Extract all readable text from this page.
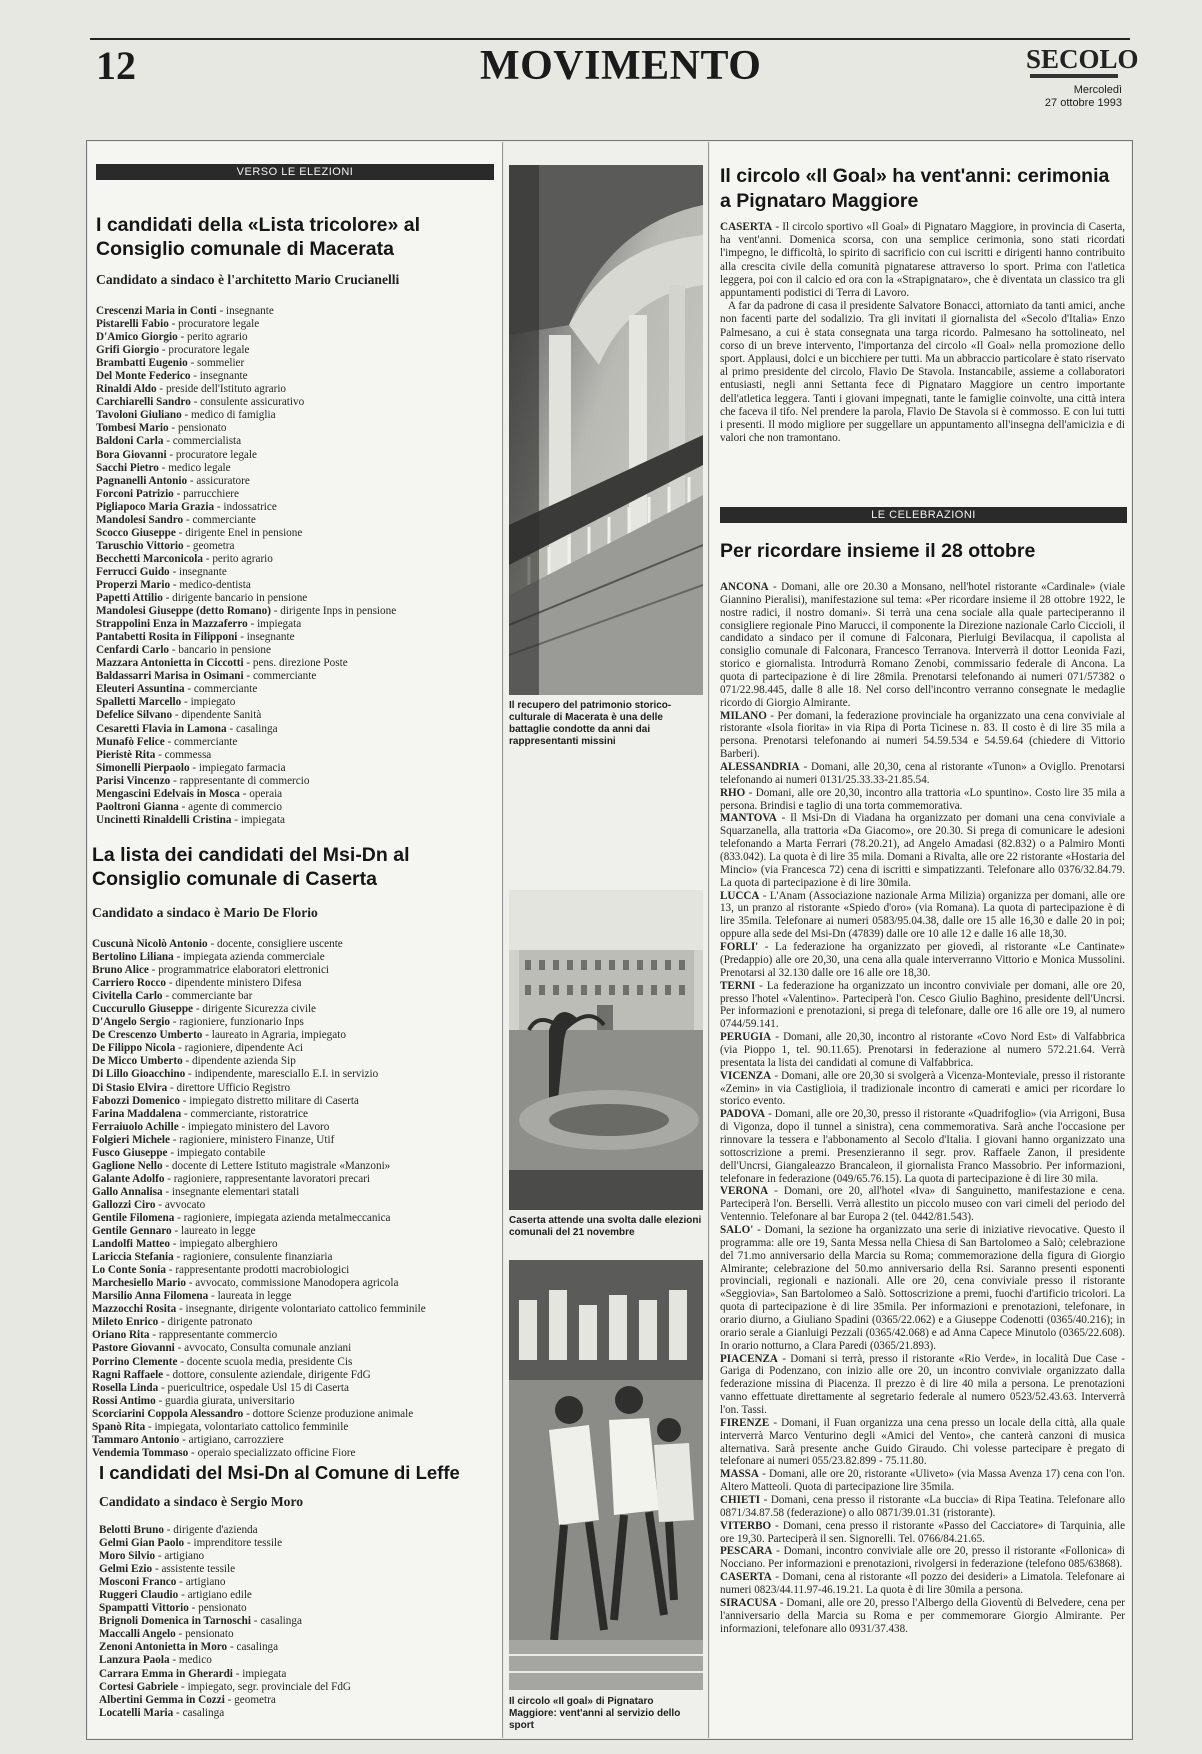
12	MOVIMENTO	SECOLO
Mercoledì
27 ottobre 1993
VERSO LE ELEZIONI
I candidati della «Lista tricolore» al Consiglio comunale di Macerata
Candidato a sindaco è l'architetto Mario Crucianelli
Crescenzi Maria in Conti - insegnante
Pistarelli Fabio - procuratore legale
D'Amico Giorgio - perito agrario
Grifi Giorgio - procuratore legale
Brambatti Eugenio - sommelier
Del Monte Federico - insegnante
Rinaldi Aldo - preside dell'Istituto agrario
Carchiarelli Sandro - consulente assicurativo
Tavoloni Giuliano - medico di famiglia
Tombesi Mario - pensionato
Baldoni Carla - commercialista
Bora Giovanni - procuratore legale
Sacchi Pietro - medico legale
Pagnanelli Antonio - assicuratore
Forconi Patrizio - parrucchiere
Pigliapoco Maria Grazia - indossatrice
Mandolesi Sandro - commerciante
Scocco Giuseppe - dirigente Enel in pensione
Taruschio Vittorio - geometra
Becchetti Marconicola - perito agrario
Ferrucci Guido - insegnante
Properzi Mario - medico-dentista
Papetti Attilio - dirigente bancario in pensione
Mandolesi Giuseppe (detto Romano) - dirigente Inps in pensione
Strappolini Enza in Mazzaferro - impiegata
Pantabetti Rosita in Filipponi - insegnante
Cenfardi Carlo - bancario in pensione
Mazzara Antonietta in Ciccotti - pens. direzione Poste
Baldassarri Marisa in Osimani - commerciante
Eleuteri Assuntina - commerciante
Spalletti Marcello - impiegato
Defelice Silvano - dipendente Sanità
Cesaretti Flavia in Lamona - casalinga
Munafò Felice - commerciante
Pieristè Rita - commessa
Simonelli Pierpaolo - impiegato farmacia
Parisi Vincenzo - rappresentante di commercio
Mengascini Edelvais in Mosca - operaia
Paoltroni Gianna - agente di commercio
Uncinetti Rinaldelli Cristina - impiegata
La lista dei candidati del Msi-Dn al Consiglio comunale di Caserta
Candidato a sindaco è Mario De Florio
Cuscunà Nicolò Antonio - docente, consigliere uscente
Bertolino Liliana - impiegata azienda commerciale
Bruno Alice - programmatrice elaboratori elettronici
Carriero Rocco - dipendente ministero Difesa
Civitella Carlo - commerciante bar
Cuccurullo Giuseppe - dirigente Sicurezza civile
D'Angelo Sergio - ragioniere, funzionario Inps
De Crescenzo Umberto - laureato in Agraria, impiegato
De Filippo Nicola - ragioniere, dipendente Aci
De Micco Umberto - dipendente azienda Sip
Di Lillo Gioacchino - indipendente, maresciallo E.I. in servizio
Di Stasio Elvira - direttore Ufficio Registro
Fabozzi Domenico - impiegato distretto militare di Caserta
Farina Maddalena - commerciante, ristoratrice
Ferraiuolo Achille - impiegato ministero del Lavoro
Folgieri Michele - ragioniere, ministero Finanze, Utif
Fusco Giuseppe - impiegato contabile
Gaglione Nello - docente di Lettere Istituto magistrale «Manzoni»
Galante Adolfo - ragioniere, rappresentante lavoratori precari
Gallo Annalisa - insegnante elementari statali
Gallozzi Ciro - avvocato
Gentile Filomena - ragioniere, impiegata azienda metalmeccanica
Gentile Gennaro - laureato in legge
Landolfi Matteo - impiegato alberghiero
Lariccia Stefania - ragioniere, consulente finanziaria
Lo Conte Sonia - rappresentante prodotti macrobiologici
Marchesiello Mario - avvocato, commissione Manodopera agricola
Marsilio Anna Filomena - laureata in legge
Mazzocchi Rosita - insegnante, dirigente volontariato cattolico femminile
Mileto Enrico - dirigente patronato
Oriano Rita - rappresentante commercio
Pastore Giovanni - avvocato, Consulta comunale anziani
Porrino Clemente - docente scuola media, presidente Cis
Ragni Raffaele - dottore, consulente aziendale, dirigente FdG
Rosella Linda - puericultrice, ospedale Usl 15 di Caserta
Rossi Antimo - guardia giurata, universitario
Scorciarini Coppola Alessandro - dottore Scienze produzione animale
Spanò Rita - impiegata, volontariato cattolico femminile
Tammaro Antonio - artigiano, carrozziere
Vendemia Tommaso - operaio specializzato officine Fiore
I candidati del Msi-Dn al Comune di Leffe
Candidato a sindaco è Sergio Moro
Belotti Bruno - dirigente d'azienda
Gelmi Gian Paolo - imprenditore tessile
Moro Silvio - artigiano
Gelmi Ezio - assistente tessile
Mosconi Franco - artigiano
Ruggeri Claudio - artigiano edile
Spampatti Vittorio - pensionato
Brignoli Domenica in Tarnoschi - casalinga
Maccalli Angelo - pensionato
Zenoni Antonietta in Moro - casalinga
Lanzura Paola - medico
Carrara Emma in Gherardi - impiegata
Cortesi Gabriele - impiegato, segr. provinciale del FdG
Albertini Gemma in Cozzi - geometra
Locatelli Maria - casalinga
Il recupero del patrimonio storico-culturale di Macerata è una delle battaglie condotte da anni dai rappresentanti missini
Caserta attende una svolta dalle elezioni comunali del 21 novembre
Il circolo «Il goal» di Pignataro Maggiore: vent'anni al servizio dello sport
Il circolo «Il Goal» ha vent'anni: cerimonia a Pignataro Maggiore

CASERTA - Il circolo sportivo «Il Goal» di Pignataro Maggiore, in provincia di Caserta, ha vent'anni. Domenica scorsa, con una semplice cerimonia, sono stati ricordati l'impegno, le difficoltà, lo spirito di sacrificio con cui iscritti e dirigenti hanno contribuito alla crescita civile della comunità pignatarese attraverso lo sport. Prima con l'atletica leggera, poi con il calcio ed ora con la «Strapignataro», che è diventata un classico tra gli appuntamenti podistici di Terra di Lavoro.

A far da padrone di casa il presidente Salvatore Bonacci, attorniato da tanti amici, anche non facenti parte del sodalizio. Tra gli invitati il giornalista del «Secolo d'Italia» Enzo Palmesano, a cui è stata consegnata una targa ricordo. Palmesano ha sottolineato, nel corso di un breve intervento, l'importanza del circolo «Il Goal» nella promozione dello sport. Applausi, dolci e un bicchiere per tutti. Ma un abbraccio particolare è stato riservato al primo presidente del circolo, Flavio De Stavola. Instancabile, assieme a collaboratori entusiasti, negli anni Settanta fece di Pignataro Maggiore un centro importante dell'atletica leggera. Tanti i giovani impegnati, tante le famiglie coinvolte, una città intera che faceva il tifo. Nel prendere la parola, Flavio De Stavola si è commosso. E con lui tutti i presenti. Il modo migliore per suggellare un appuntamento all'insegna dell'amicizia e di valori che non tramontano.

LE CELEBRAZIONI
Per ricordare insieme il 28 ottobre
ANCONA - Domani, alle ore 20.30 a Monsano, nell'hotel ristorante «Cardinale» (viale Giannino Pieralisi), manifestazione sul tema: «Per ricordare insieme il 28 ottobre 1922, le nostre radici, il nostro domani». Si terrà una cena sociale alla quale parteciperanno il consigliere regionale Pino Marucci, il componente la Direzione nazionale Carlo Ciccioli, il candidato a sindaco per il comune di Falconara, Pierluigi Bevilacqua, il capolista al consiglio comunale di Falconara, Francesco Terranova. Interverrà il dottor Leonida Fazi, storico e giornalista. Introdurrà Romano Zenobi, commissario federale di Ancona. La quota di partecipazione è di lire 28mila. Prenotarsi telefonando ai numeri 071/57382 o 071/22.98.445, dalle 8 alle 18. Nel corso dell'incontro verranno consegnate le medaglie ricordo di Giorgio Almirante.
MILANO - Per domani, la federazione provinciale ha organizzato una cena conviviale al ristorante «Isola fiorita» in via Ripa di Porta Ticinese n. 83. Il costo è di lire 35 mila a persona. Prenotarsi telefonando ai numeri 54.59.534 e 54.59.64 (chiedere di Vittorio Barberi).
ALESSANDRIA - Domani, alle 20,30, cena al ristorante «Tunon» a Ovigllo. Prenotarsi telefonando ai numeri 0131/25.33.33-21.85.54.
RHO - Domani, alle ore 20,30, incontro alla trattoria «Lo spuntino». Costo lire 35 mila a persona. Brindisi e taglio di una torta commemorativa.
MANTOVA - Il Msi-Dn di Viadana ha organizzato per domani una cena conviviale a Squarzanella, alla trattoria «Da Giacomo», ore 20.30. Si prega di comunicare le adesioni telefonando a Marta Ferrari (78.20.21), ad Angelo Amadasi (82.832) o a Palmiro Monti (833.042). La quota è di lire 35 mila. Domani a Rivalta, alle ore 22 ristorante «Hostaria del Mincio» (via Francesca 72) cena di iscritti e simpatizzanti. Telefonare allo 0376/32.84.79. La quota di partecipazione è di lire 30mila.
LUCCA - L'Anam (Associazione nazionale Arma Milizia) organizza per domani, alle ore 13, un pranzo al ristorante «Spiedo d'oro» (via Romana). La quota di partecipazione è di lire 35mila. Telefonare ai numeri 0583/95.04.38, dalle ore 15 alle 16,30 e dalle 20 in poi; oppure alla sede del Msi-Dn (47839) dalle ore 10 alle 12 e dalle 16 alle 18,30.
FORLI' - La federazione ha organizzato per giovedì, al ristorante «Le Cantinate» (Predappio) alle ore 20,30, una cena alla quale interverranno Vittorio e Monica Mussolini. Prenotarsi al 32.130 dalle ore 16 alle ore 18,30.
TERNI - La federazione ha organizzato un incontro conviviale per domani, alle ore 20, presso l'hotel «Valentino». Parteciperà l'on. Cesco Giulio Baghino, presidente dell'Uncrsi. Per informazioni e prenotazioni, si prega di telefonare, dalle ore 16 alle ore 19, al numero 0744/59.141.
PERUGIA - Domani, alle 20,30, incontro al ristorante «Covo Nord Est» di Valfabbrica (via Pioppo 1, tel. 90.11.65). Prenotarsi in federazione al numero 572.21.64. Verrà presentata la lista dei candidati al comune di Valfabbrica.
VICENZA - Domani, alle ore 20,30 si svolgerà a Vicenza-Monteviale, presso il ristorante «Zemin» in via Castiglioia, il tradizionale incontro di camerati e amici per ricordare lo storico evento.
PADOVA - Domani, alle ore 20,30, presso il ristorante «Quadrifoglio» (via Arrigoni, Busa di Vigonza, dopo il tunnel a sinistra), cena commemorativa. Sarà anche l'occasione per rinnovare la tessera e l'abbonamento al Secolo d'Italia. I giovani hanno organizzato una sottoscrizione a premi. Presenzieranno il segr. prov. Raffaele Zanon, il presidente dell'Uncrsi, Giangaleazzo Brancaleon, il giornalista Franco Massobrio. Per informazioni, telefonare in federazione (049/65.76.15). La quota di partecipazione è di lire 30 mila.
VERONA - Domani, ore 20, all'hotel «Iva» di Sanguinetto, manifestazione e cena. Parteciperà l'on. Berselli. Verrà allestito un piccolo museo con vari cimeli del periodo del Ventennio. Telefonare al bar Europa 2 (tel. 0442/81.543).
SALO' - Domani, la sezione ha organizzato una serie di iniziative rievocative. Questo il programma: alle ore 19, Santa Messa nella Chiesa di San Bartolomeo a Salò; celebrazione del 71.mo anniversario della Marcia su Roma; commemorazione della figura di Giorgio Almirante; celebrazione del 50.mo anniversario della Rsi. Saranno presenti esponenti provinciali, regionali e nazionali. Alle ore 20, cena conviviale presso il ristorante «Seggiovia», San Bartolomeo a Salò. Sottoscrizione a premi, fuochi d'artificio tricolori. La quota di partecipazione è di lire 35mila. Per informazioni e prenotazioni, telefonare, in orario diurno, a Giuliano Spadini (0365/22.062) e a Giuseppe Codenotti (0365/40.216); in orario serale a Gianluigi Pezzali (0365/42.068) e ad Anna Capece Minutolo (0365/22.608). In orario notturno, a Clara Paredi (0365/21.893).
PIACENZA - Domani si terrà, presso il ristorante «Rio Verde», in località Due Case - Gariga di Podenzano, con inizio alle ore 20, un incontro conviviale organizzato dalla federazione missina di Piacenza. Il prezzo è di lire 40 mila a persona. Le prenotazioni vanno effettuate direttamente al segretario federale al numero 0523/52.43.63. Interverrà l'on. Tassi.
FIRENZE - Domani, il Fuan organizza una cena presso un locale della città, alla quale interverrà Marco Venturino degli «Amici del Vento», che canterà canzoni di musica alternativa. Sarà presente anche Guido Giraudo. Chi volesse partecipare è pregato di telefonare ai numeri 055/23.82.899 - 75.11.80.
MASSA - Domani, alle ore 20, ristorante «Uliveto» (via Massa Avenza 17) cena con l'on. Altero Matteoli. Quota di partecipazione lire 35mila.
CHIETI - Domani, cena presso il ristorante «La buccia» di Ripa Teatina. Telefonare allo 0871/34.87.58 (federazione) o allo 0871/39.01.31 (ristorante).
VITERBO - Domani, cena presso il ristorante «Passo del Cacciatore» di Tarquinia, alle ore 19,30. Parteciperà il sen. Signorelli. Tel. 0766/84.21.65.
PESCARA - Domani, incontro conviviale alle ore 20, presso il ristorante «Follonica» di Nocciano. Per informazioni e prenotazioni, rivolgersi in federazione (telefono 085/63868).
CASERTA - Domani, cena al ristorante «Il pozzo dei desideri» a Limatola. Telefonare ai numeri 0823/44.11.97-46.19.21. La quota è di lire 30mila a persona.
SIRACUSA - Domani, alle ore 20, presso l'Albergo della Gioventù di Belvedere, cena per l'anniversario della Marcia su Roma e per commemorare Giorgio Almirante. Per informazioni, telefonare allo 0931/37.438.
